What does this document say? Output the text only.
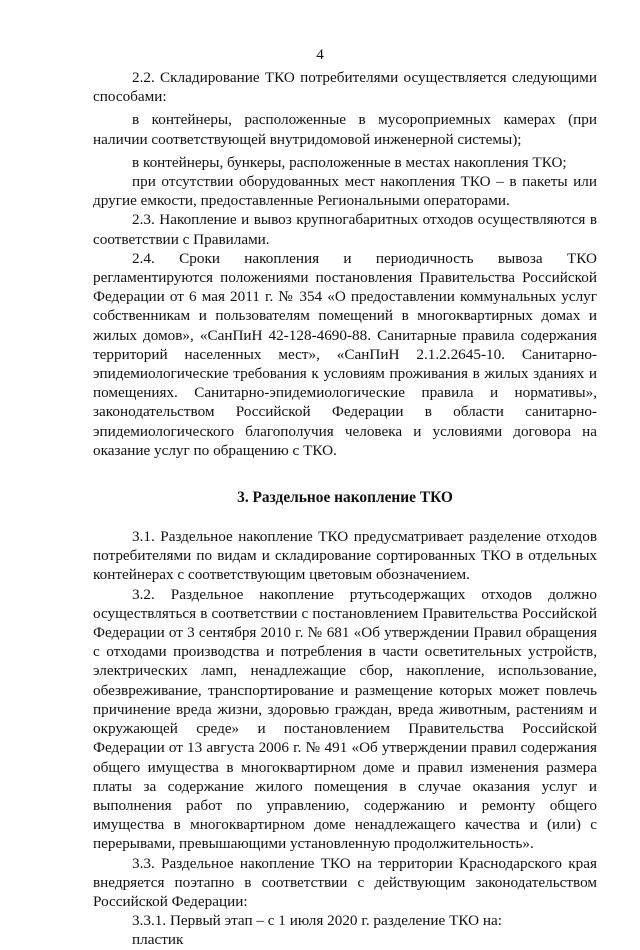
4

2.2. Складирование ТКО потребителями осуществляется следующими способами:

в контейнеры, расположенные в мусороприемных камерах (при наличии соответствующей внутридомовой инженерной системы);

в контейнеры, бункеры, расположенные в местах накопления ТКО;

при отсутствии оборудованных мест накопления ТКО – в пакеты или другие емкости, предоставленные Региональными операторами.

2.3. Накопление и вывоз крупногабаритных отходов осуществляются в соответствии с Правилами.

2.4. Сроки накопления и периодичность вывоза ТКО регламентируются положениями постановления Правительства Российской Федерации от 6 мая 2011 г. № 354 «О предоставлении коммунальных услуг собственникам и пользователям помещений в многоквартирных домах и жилых домов», «СанПиН 42-128-4690-88. Санитарные правила содержания территорий населенных мест», «СанПиН 2.1.2.2645-10. Санитарно-эпидемиологические требования к условиям проживания в жилых зданиях и помещениях. Санитарно-эпидемиологические правила и нормативы», законодательством Российской Федерации в области санитарно-эпидемиологического благополучия человека и условиями договора на оказание услуг по обращению с ТКО.

3. Раздельное накопление ТКО

3.1. Раздельное накопление ТКО предусматривает разделение отходов потребителями по видам и складирование сортированных ТКО в отдельных контейнерах с соответствующим цветовым обозначением.

3.2. Раздельное накопление ртутьсодержащих отходов должно осуществляться в соответствии с постановлением Правительства Российской Федерации от 3 сентября 2010 г. № 681 «Об утверждении Правил обращения с отходами производства и потребления в части осветительных устройств, электрических ламп, ненадлежащие сбор, накопление, использование, обезвреживание, транспортирование и размещение которых может повлечь причинение вреда жизни, здоровью граждан, вреда животным, растениям и окружающей среде» и постановлением Правительства Российской Федерации от 13 августа 2006 г. № 491 «Об утверждении правил содержания общего имущества в многоквартирном доме и правил изменения размера платы за содержание жилого помещения в случае оказания услуг и выполнения работ по управлению, содержанию и ремонту общего имущества в многоквартирном доме ненадлежащего качества и (или) с перерывами, превышающими установленную продолжительность».

3.3. Раздельное накопление ТКО на территории Краснодарского края внедряется поэтапно в соответствии с действующим законодательством Российской Федерации:

3.3.1. Первый этап – с 1 июля 2020 г. разделение ТКО на:

пластик
